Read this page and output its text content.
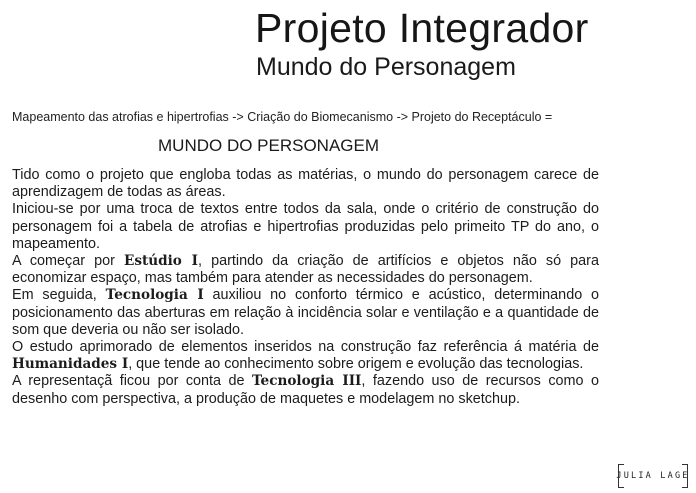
Projeto Integrador
Mundo do Personagem
Mapeamento das atrofias e hipertrofias -> Criação do Biomecanismo -> Projeto do Receptáculo =
MUNDO DO PERSONAGEM

Tido como o projeto que engloba todas as matérias, o mundo do personagem carece de aprendizagem de todas as áreas.

Iniciou-se por uma troca de textos entre todos da sala, onde o critério de construção do personagem foi a tabela de atrofias e hipertrofias produzidas pelo primeito TP do ano, o mapeamento.

A começar por Estúdio I, partindo da criação de artifícios e objetos não só para economizar espaço, mas também para atender as necessidades do personagem.

Em seguida, Tecnologia I auxiliou no conforto térmico e acústico, determinando o posicionamento das aberturas em relação à incidência solar e ventilação e a quantidade de som que deveria ou não ser isolado.

O estudo aprimorado de elementos inseridos na construção faz referência á matéria de Humanidades I, que tende ao conhecimento sobre origem e evolução das tecnologias.

A representaçã ficou por conta de Tecnologia III, fazendo uso de recursos como o desenho com perspectiva, a produção de maquetes e modelagem no sketchup.

JULIA LAGE
